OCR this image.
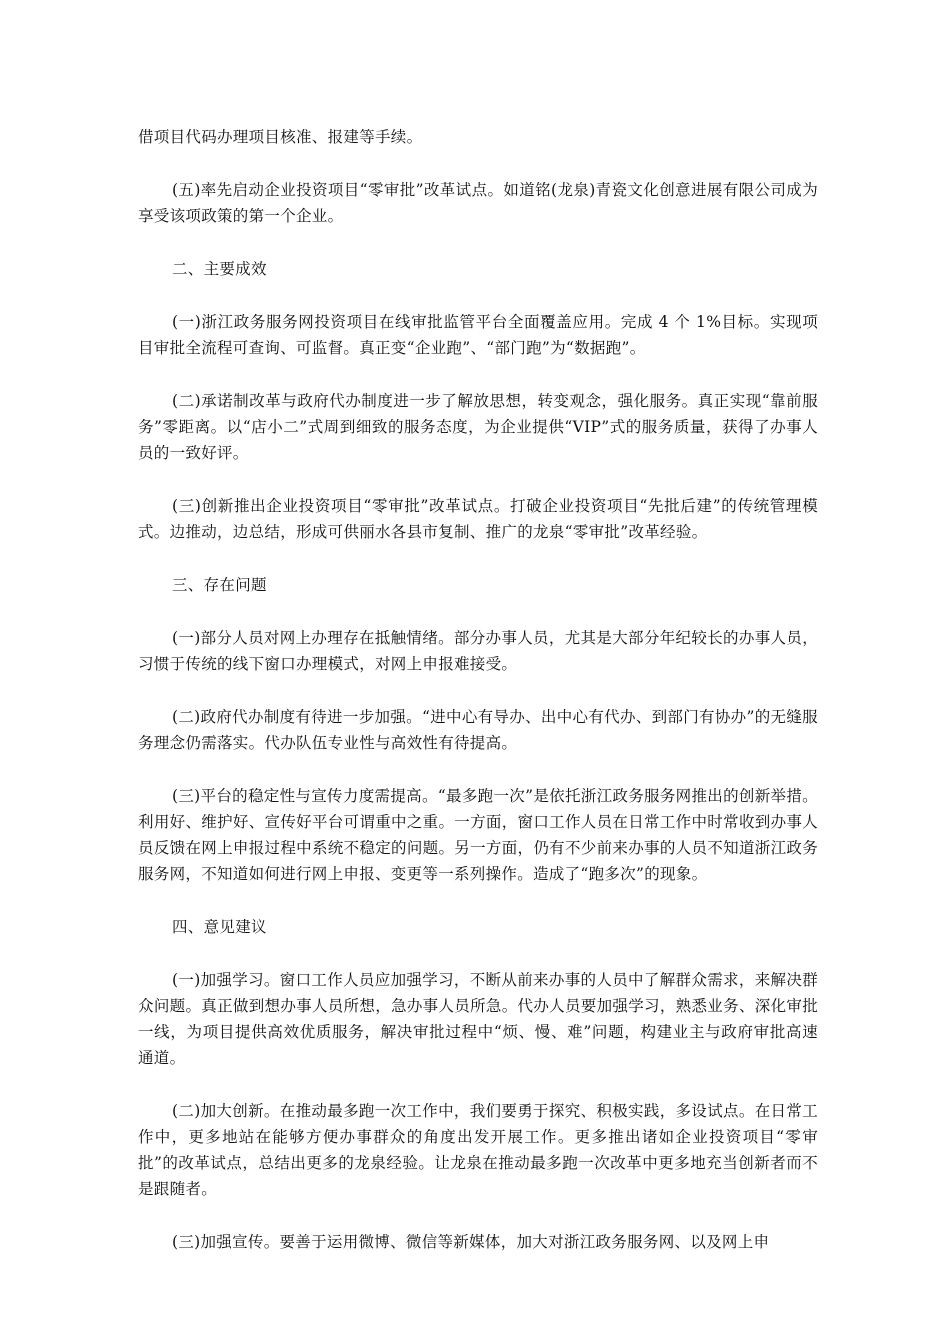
借项目代码办理项目核准、报建等手续。

(五)率先启动企业投资项目“零审批”改革试点。如道铭(龙泉)青瓷文化创意进展有限公司成为享受该项政策的第一个企业。

二、主要成效

(一)浙江政务服务网投资项目在线审批监管平台全面覆盖应用。完成 4 个 1%目标。实现项目审批全流程可查询、可监督。真正变“企业跑”、“部门跑”为“数据跑”。

(二)承诺制改革与政府代办制度进一步了解放思想，转变观念，强化服务。真正实现“靠前服务”零距离。以“店小二”式周到细致的服务态度，为企业提供“VIP”式的服务质量，获得了办事人员的一致好评。

(三)创新推出企业投资项目“零审批”改革试点。打破企业投资项目“先批后建”的传统管理模式。边推动，边总结，形成可供丽水各县市复制、推广的龙泉“零审批”改革经验。

三、存在问题

(一)部分人员对网上办理存在抵触情绪。部分办事人员，尤其是大部分年纪较长的办事人员，习惯于传统的线下窗口办理模式，对网上申报难接受。

(二)政府代办制度有待进一步加强。“进中心有导办、出中心有代办、到部门有协办”的无缝服务理念仍需落实。代办队伍专业性与高效性有待提高。

(三)平台的稳定性与宣传力度需提高。“最多跑一次”是依托浙江政务服务网推出的创新举措。利用好、维护好、宣传好平台可谓重中之重。一方面，窗口工作人员在日常工作中时常收到办事人员反馈在网上申报过程中系统不稳定的问题。另一方面，仍有不少前来办事的人员不知道浙江政务服务网，不知道如何进行网上申报、变更等一系列操作。造成了“跑多次”的现象。

四、意见建议

(一)加强学习。窗口工作人员应加强学习，不断从前来办事的人员中了解群众需求，来解决群众问题。真正做到想办事人员所想，急办事人员所急。代办人员要加强学习，熟悉业务、深化审批一线，为项目提供高效优质服务，解决审批过程中“烦、慢、难”问题，构建业主与政府审批高速通道。

(二)加大创新。在推动最多跑一次工作中，我们要勇于探究、积极实践，多设试点。在日常工作中，更多地站在能够方便办事群众的角度出发开展工作。更多推出诸如企业投资项目“零审批”的改革试点，总结出更多的龙泉经验。让龙泉在推动最多跑一次改革中更多地充当创新者而不是跟随者。

(三)加强宣传。要善于运用微博、微信等新媒体，加大对浙江政务服务网、以及网上申
